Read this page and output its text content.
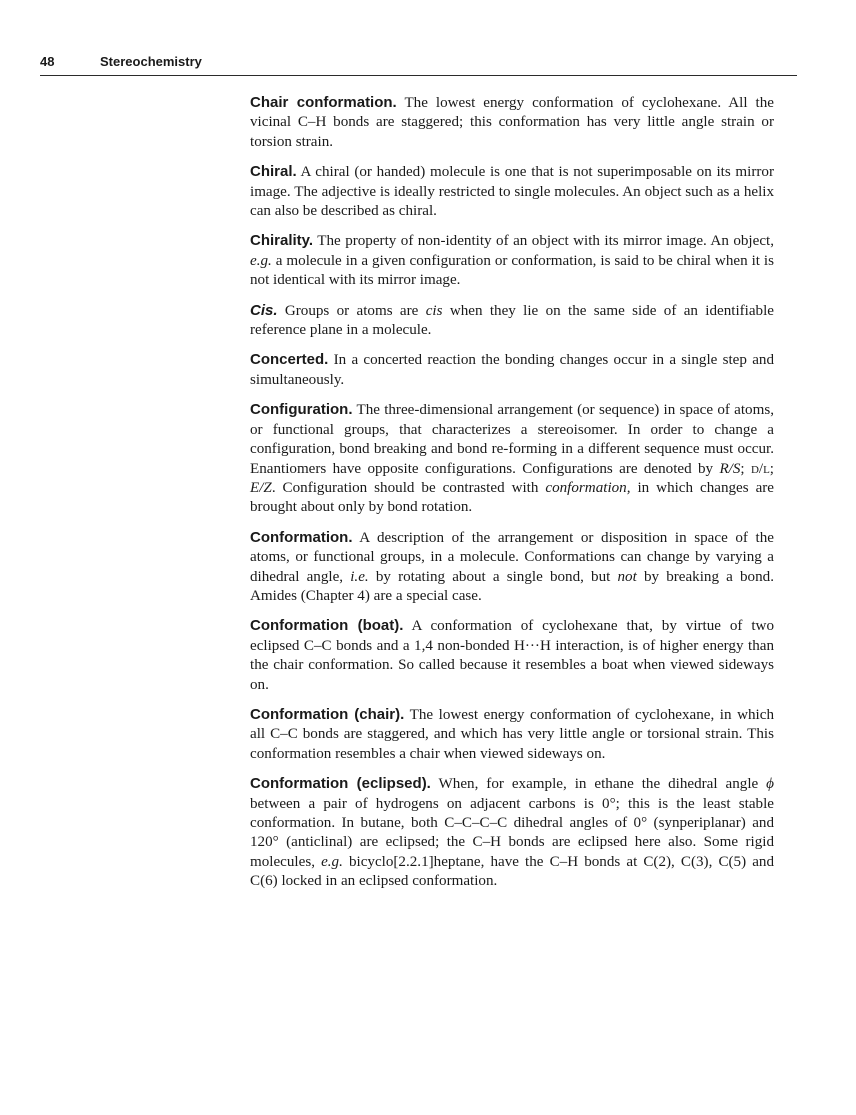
48	Stereochemistry

Chair conformation. The lowest energy conformation of cyclohexane. All the vicinal C–H bonds are staggered; this conformation has very little angle strain or torsion strain.

Chiral. A chiral (or handed) molecule is one that is not superimposable on its mirror image. The adjective is ideally restricted to single molecules. An object such as a helix can also be described as chiral.

Chirality. The property of non-identity of an object with its mirror image. An object, e.g. a molecule in a given configuration or conformation, is said to be chiral when it is not identical with its mirror image.

Cis. Groups or atoms are cis when they lie on the same side of an identifiable reference plane in a molecule.

Concerted. In a concerted reaction the bonding changes occur in a single step and simultaneously.

Configuration. The three-dimensional arrangement (or sequence) in space of atoms, or functional groups, that characterizes a stereoisomer. In order to change a configuration, bond breaking and bond re-forming in a different sequence must occur. Enantiomers have opposite configurations. Configurations are denoted by R/S; d/l; E/Z. Configuration should be contrasted with conformation, in which changes are brought about only by bond rotation.

Conformation. A description of the arrangement or disposition in space of the atoms, or functional groups, in a molecule. Conformations can change by varying a dihedral angle, i.e. by rotating about a single bond, but not by breaking a bond. Amides (Chapter 4) are a special case.

Conformation (boat). A conformation of cyclohexane that, by virtue of two eclipsed C–C bonds and a 1,4 non-bonded H···H interaction, is of higher energy than the chair conformation. So called because it resembles a boat when viewed sideways on.

Conformation (chair). The lowest energy conformation of cyclohexane, in which all C–C bonds are staggered, and which has very little angle or torsional strain. This conformation resembles a chair when viewed sideways on.

Conformation (eclipsed). When, for example, in ethane the dihedral angle ϕ between a pair of hydrogens on adjacent carbons is 0°; this is the least stable conformation. In butane, both C–C–C–C dihedral angles of 0° (synperiplanar) and 120° (anticlinal) are eclipsed; the C–H bonds are eclipsed here also. Some rigid molecules, e.g. bicyclo[2.2.1]heptane, have the C–H bonds at C(2), C(3), C(5) and C(6) locked in an eclipsed conformation.
